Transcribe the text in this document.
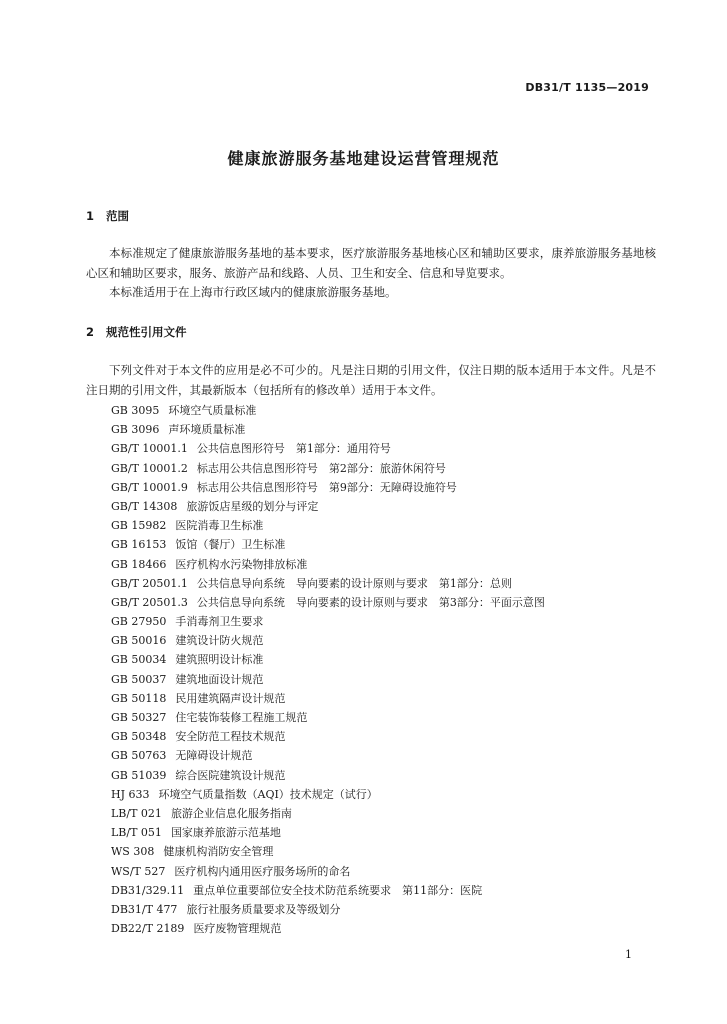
DB31/T 1135—2019
健康旅游服务基地建设运营管理规范
1 范围
本标准规定了健康旅游服务基地的基本要求，医疗旅游服务基地核心区和辅助区要求，康养旅游服务基地核心区和辅助区要求，服务、旅游产品和线路、人员、卫生和安全、信息和导览要求。
本标准适用于在上海市行政区域内的健康旅游服务基地。
2 规范性引用文件
下列文件对于本文件的应用是必不可少的。凡是注日期的引用文件，仅注日期的版本适用于本文件。凡是不注日期的引用文件，其最新版本（包括所有的修改单）适用于本文件。
GB 3095 环境空气质量标准
GB 3096 声环境质量标准
GB/T 10001.1 公共信息图形符号　第1部分：通用符号
GB/T 10001.2 标志用公共信息图形符号　第2部分：旅游休闲符号
GB/T 10001.9 标志用公共信息图形符号　第9部分：无障碍设施符号
GB/T 14308 旅游饭店星级的划分与评定
GB 15982 医院消毒卫生标准
GB 16153 饭馆（餐厅）卫生标准
GB 18466 医疗机构水污染物排放标准
GB/T 20501.1 公共信息导向系统　导向要素的设计原则与要求　第1部分：总则
GB/T 20501.3 公共信息导向系统　导向要素的设计原则与要求　第3部分：平面示意图
GB 27950 手消毒剂卫生要求
GB 50016 建筑设计防火规范
GB 50034 建筑照明设计标准
GB 50037 建筑地面设计规范
GB 50118 民用建筑隔声设计规范
GB 50327 住宅装饰装修工程施工规范
GB 50348 安全防范工程技术规范
GB 50763 无障碍设计规范
GB 51039 综合医院建筑设计规范
HJ 633 环境空气质量指数（AQI）技术规定（试行）
LB/T 021 旅游企业信息化服务指南
LB/T 051 国家康养旅游示范基地
WS 308 健康机构消防安全管理
WS/T 527 医疗机构内通用医疗服务场所的命名
DB31/329.11 重点单位重要部位安全技术防范系统要求　第11部分：医院
DB31/T 477 旅行社服务质量要求及等级划分
DB22/T 2189 医疗废物管理规范
1
